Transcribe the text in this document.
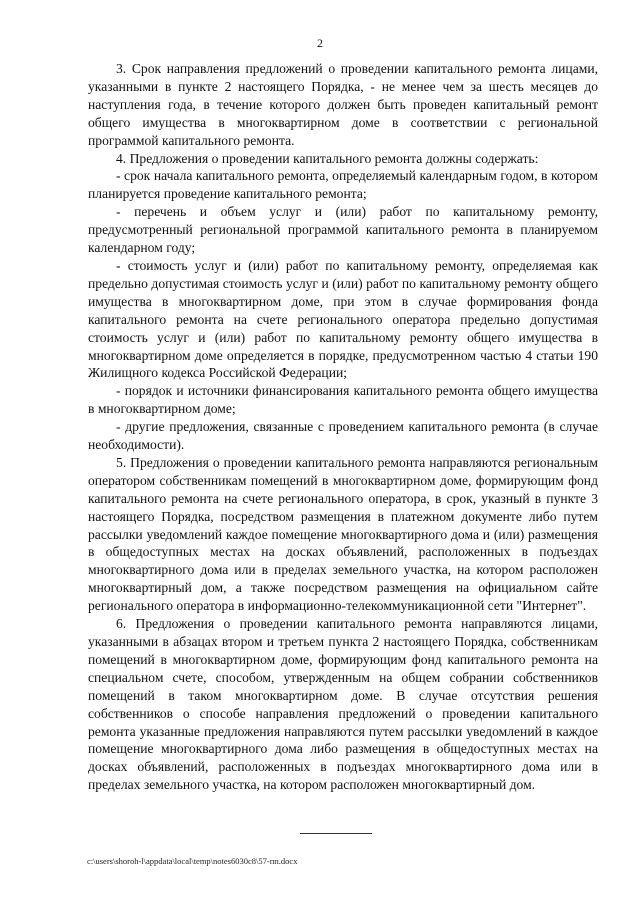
2

3. Срок направления предложений о проведении капитального ремонта лицами, указанными в пункте 2 настоящего Порядка, - не менее чем за шесть месяцев до наступления года, в течение которого должен быть проведен капитальный ремонт общего имущества в многоквартирном доме в соответствии с региональной программой капитального ремонта.

4. Предложения о проведении капитального ремонта должны содержать:

- срок начала капитального ремонта, определяемый календарным годом, в котором планируется проведение капитального ремонта;

- перечень и объем услуг и (или) работ по капитальному ремонту, предусмотренный региональной программой капитального ремонта в планируемом календарном году;

- стоимость услуг и (или) работ по капитальному ремонту, определяемая как предельно допустимая стоимость услуг и (или) работ по капитальному ремонту общего имущества в многоквартирном доме, при этом в случае формирования фонда капитального ремонта на счете регионального оператора предельно допустимая стоимость услуг и (или) работ по капитальному ремонту общего имущества в многоквартирном доме определяется в порядке, предусмотренном частью 4 статьи 190 Жилищного кодекса Российской Федерации;

- порядок и источники финансирования капитального ремонта общего имущества в многоквартирном доме;

- другие предложения, связанные с проведением капитального ремонта (в случае необходимости).

5. Предложения о проведении капитального ремонта направляются региональным оператором собственникам помещений в многоквартирном доме, формирующим фонд капитального ремонта на счете регионального оператора, в срок, указный в пункте 3 настоящего Порядка, посредством размещения в платежном документе либо путем рассылки уведомлений каждое помещение многоквартирного дома и (или) размещения в общедоступных местах на досках объявлений, расположенных в подъездах многоквартирного дома или в пределах земельного участка, на котором расположен многоквартирный дом, а также посредством размещения на официальном сайте регионального оператора в информационно-телекоммуникационной сети "Интернет".

6. Предложения о проведении капитального ремонта направляются лицами, указанными в абзацах втором и третьем пункта 2 настоящего Порядка, собственникам помещений в многоквартирном доме, формирующим фонд капитального ремонта на специальном счете, способом, утвержденным на общем собрании собственников помещений в таком многоквартирном доме. В случае отсутствия решения собственников о способе направления предложений о проведении капитального ремонта указанные предложения направляются путем рассылки уведомлений в каждое помещение многоквартирного дома либо размещения в общедоступных местах на досках объявлений, расположенных в подъездах многоквартирного дома или в пределах земельного участка, на котором расположен многоквартирный дом.

c:\users\shoroh-l\appdata\local\temp\notes6030c8\57-пп.docx
